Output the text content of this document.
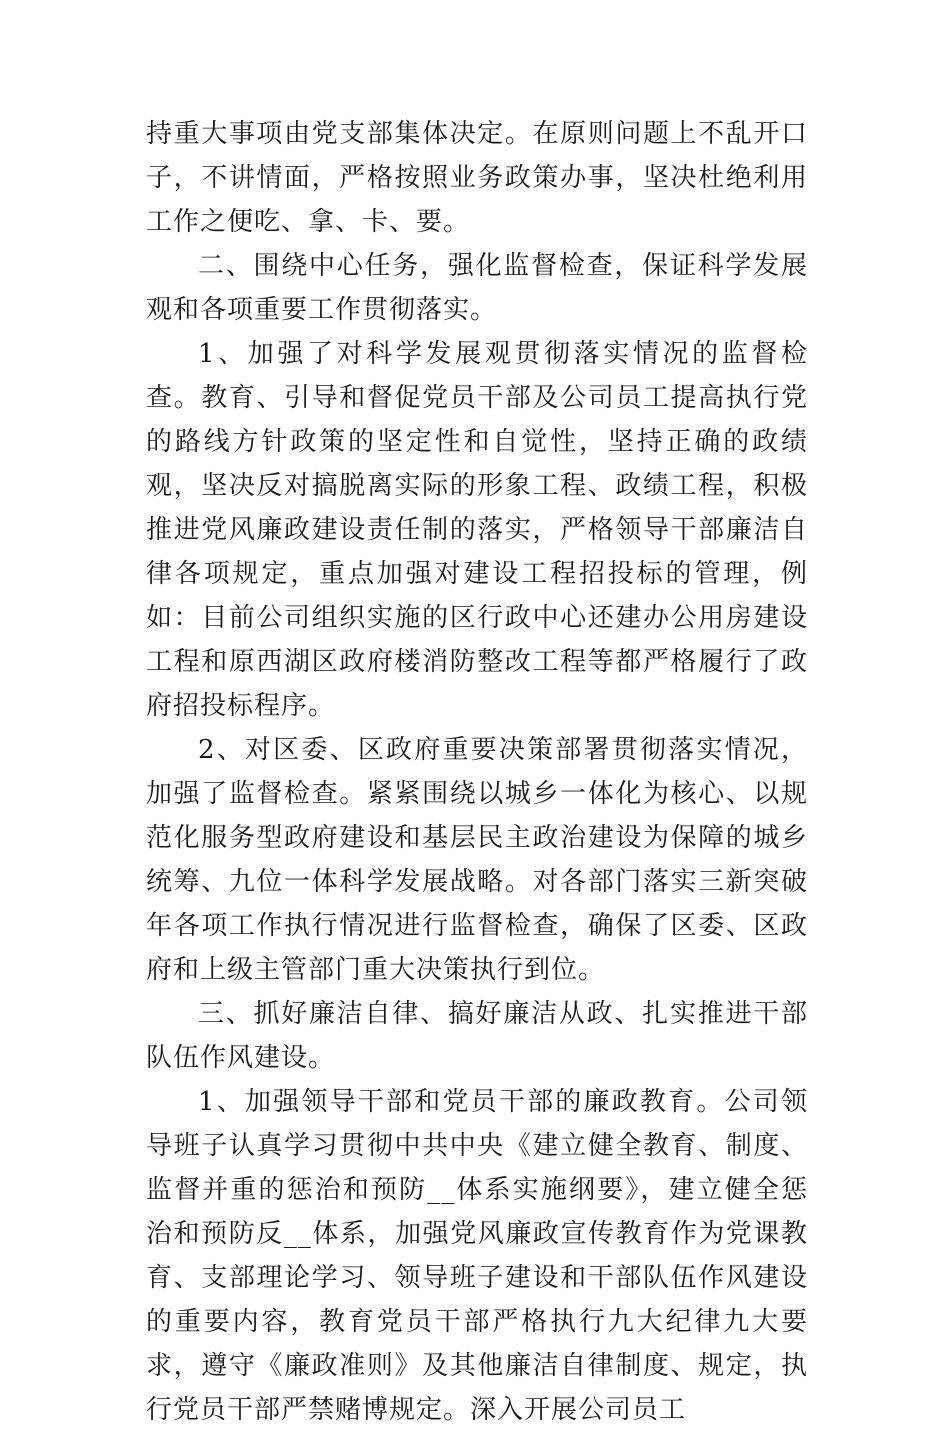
持重大事项由党支部集体决定。在原则问题上不乱开口子，不讲情面，严格按照业务政策办事，坚决杜绝利用工作之便吃、拿、卡、要。

二、围绕中心任务，强化监督检查，保证科学发展观和各项重要工作贯彻落实。

1、加强了对科学发展观贯彻落实情况的监督检查。教育、引导和督促党员干部及公司员工提高执行党的路线方针政策的坚定性和自觉性，坚持正确的政绩观，坚决反对搞脱离实际的形象工程、政绩工程，积极推进党风廉政建设责任制的落实，严格领导干部廉洁自律各项规定，重点加强对建设工程招投标的管理，例如：目前公司组织实施的区行政中心还建办公用房建设工程和原西湖区政府楼消防整改工程等都严格履行了政府招投标程序。

2、对区委、区政府重要决策部署贯彻落实情况，加强了监督检查。紧紧围绕以城乡一体化为核心、以规范化服务型政府建设和基层民主政治建设为保障的城乡统筹、九位一体科学发展战略。对各部门落实三新突破年各项工作执行情况进行监督检查，确保了区委、区政府和上级主管部门重大决策执行到位。

三、抓好廉洁自律、搞好廉洁从政、扎实推进干部队伍作风建设。

1、加强领导干部和党员干部的廉政教育。公司领导班子认真学习贯彻中共中央《建立健全教育、制度、监督并重的惩治和预防__体系实施纲要》，建立健全惩治和预防反__体系，加强党风廉政宣传教育作为党课教育、支部理论学习、领导班子建设和干部队伍作风建设的重要内容，教育党员干部严格执行九大纪律九大要求，遵守《廉政准则》及其他廉洁自律制度、规定，执行党员干部严禁赌博规定。深入开展公司员工
